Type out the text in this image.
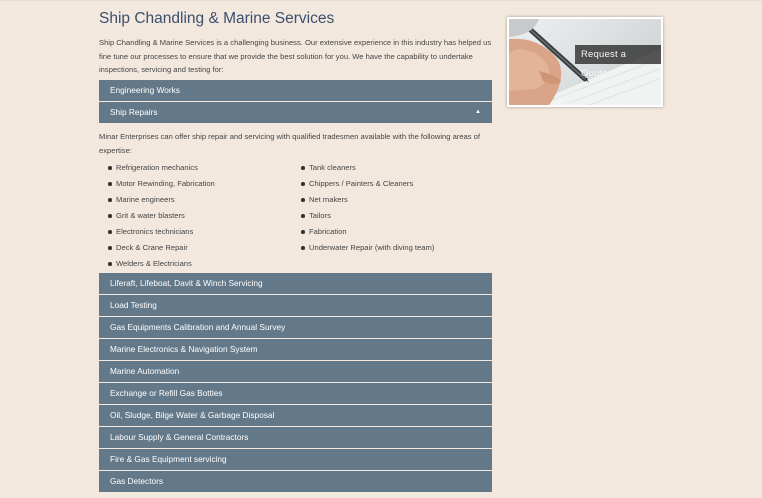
Ship Chandling & Marine Services

Ship Chandling & Marine Services is a challenging business. Our extensive experience in this industry has helped us fine tune our processes to ensure that we provide the best solution for you. We have the capability to undertake inspections, servicing and testing for:

Engineering Works
Ship Repairs	▲
Minar Enterprises can offer ship repair and servicing with qualified tradesmen available with the following areas of expertise:
Refrigeration mechanics
Motor Rewinding, Fabrication
Marine engineers
Grit & water blasters
Electronics technicians
Deck & Crane Repair
Welders & Electricians
Tank cleaners
Chippers / Painters & Cleaners
Net makers
Tailors
Fabrication
Underwater Repair (with diving team)
Liferaft, Lifeboat, Davit & Winch Servicing
Load Testing
Gas Equipments Calibration and Annual Survey
Marine Electronics & Navigation System
Marine Automation
Exchange or Refill Gas Bottles
Oil, Sludge, Bilge Water & Garbage Disposal
Labour Supply & General Contractors
Fire & Gas Equipment servicing
Gas Detectors
Request a Quote
